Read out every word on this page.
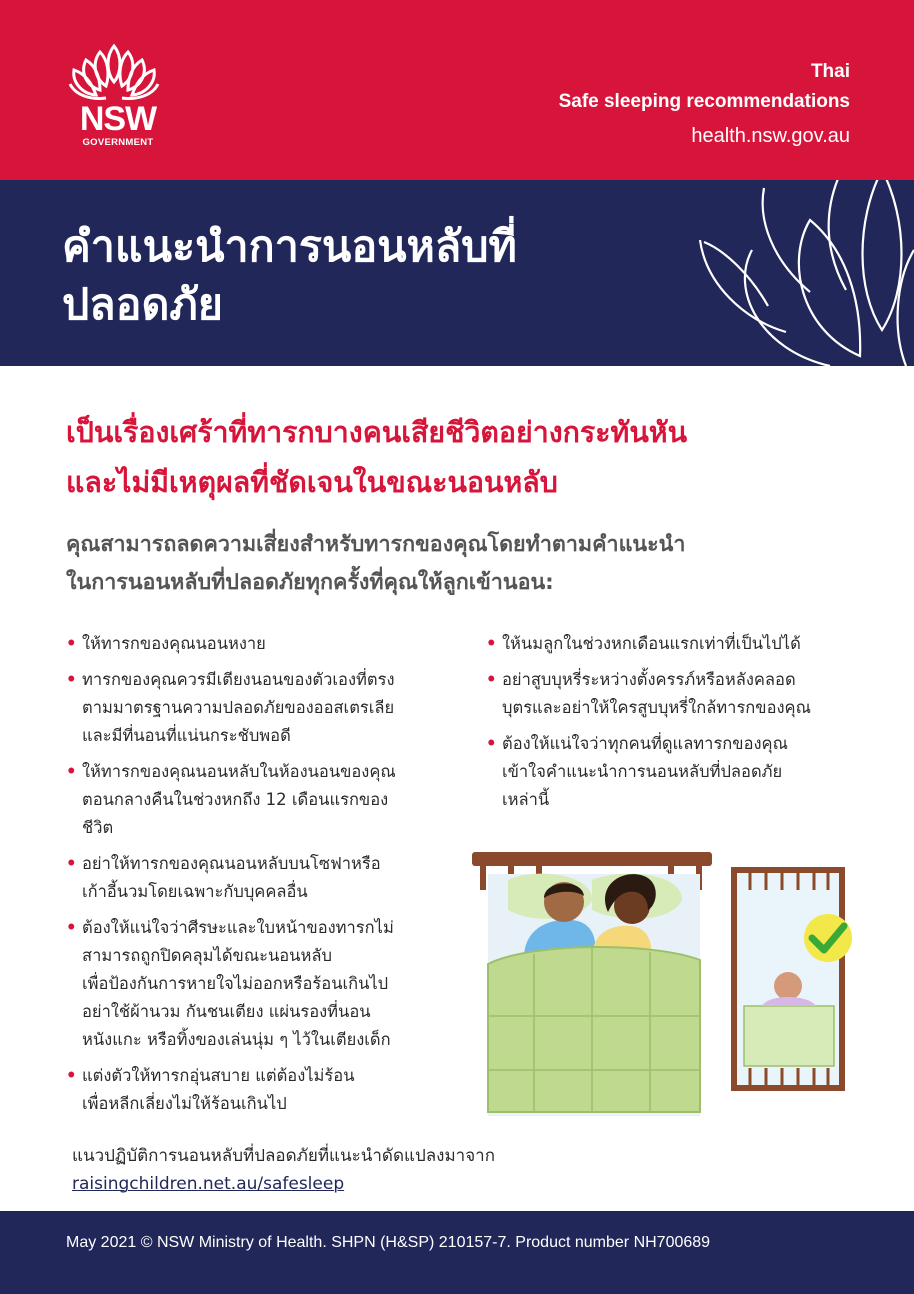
NSW
GOVERNMENT
Thai
Safe sleeping recommendations
health.nsw.gov.au
คำแนะนำการนอนหลับที่
ปลอดภัย
เป็นเรื่องเศร้าที่ทารกบางคนเสียชีวิตอย่างกระทันหัน
และไม่มีเหตุผลที่ชัดเจนในขณะนอนหลับ
คุณสามารถลดความเสี่ยงสำหรับทารกของคุณโดยทำตามคำแนะนำ
ในการนอนหลับที่ปลอดภัยทุกครั้งที่คุณให้ลูกเข้านอน:
• ให้ทารกของคุณนอนหงาย
• ทารกของคุณควรมีเตียงนอนของตัวเองที่ตรง
ตามมาตรฐานความปลอดภัยของออสเตรเลีย
และมีที่นอนที่แน่นกระชับพอดี
• ให้ทารกของคุณนอนหลับในห้องนอนของคุณ
ตอนกลางคืนในช่วงหกถึง 12 เดือนแรกของ
ชีวิต
• อย่าให้ทารกของคุณนอนหลับบนโซฟาหรือ
เก้าอี้นวมโดยเฉพาะกับบุคคลอื่น
• ต้องให้แน่ใจว่าศีรษะและใบหน้าของทารกไม่
สามารถถูกปิดคลุมได้ขณะนอนหลับ
เพื่อป้องกันการหายใจไม่ออกหรือร้อนเกินไป
อย่าใช้ผ้านวม กันชนเตียง แผ่นรองที่นอน
หนังแกะ หรือทิ้งของเล่นนุ่ม ๆ ไว้ในเตียงเด็ก
• แต่งตัวให้ทารกอุ่นสบาย แต่ต้องไม่ร้อน
เพื่อหลีกเลี่ยงไม่ให้ร้อนเกินไป
• ให้นมลูกในช่วงหกเดือนแรกเท่าที่เป็นไปได้
• อย่าสูบบุหรี่ระหว่างตั้งครรภ์หรือหลังคลอด
บุตรและอย่าให้ใครสูบบุหรี่ใกล้ทารกของคุณ
• ต้องให้แน่ใจว่าทุกคนที่ดูแลทารกของคุณ
เข้าใจคำแนะนำการนอนหลับที่ปลอดภัย
เหล่านี้
แนวปฏิบัติการนอนหลับที่ปลอดภัยที่แนะนำดัดแปลงมาจาก
raisingchildren.net.au/safesleep
May 2021 © NSW Ministry of Health. SHPN (H&SP) 210157-7. Product number NH700689
